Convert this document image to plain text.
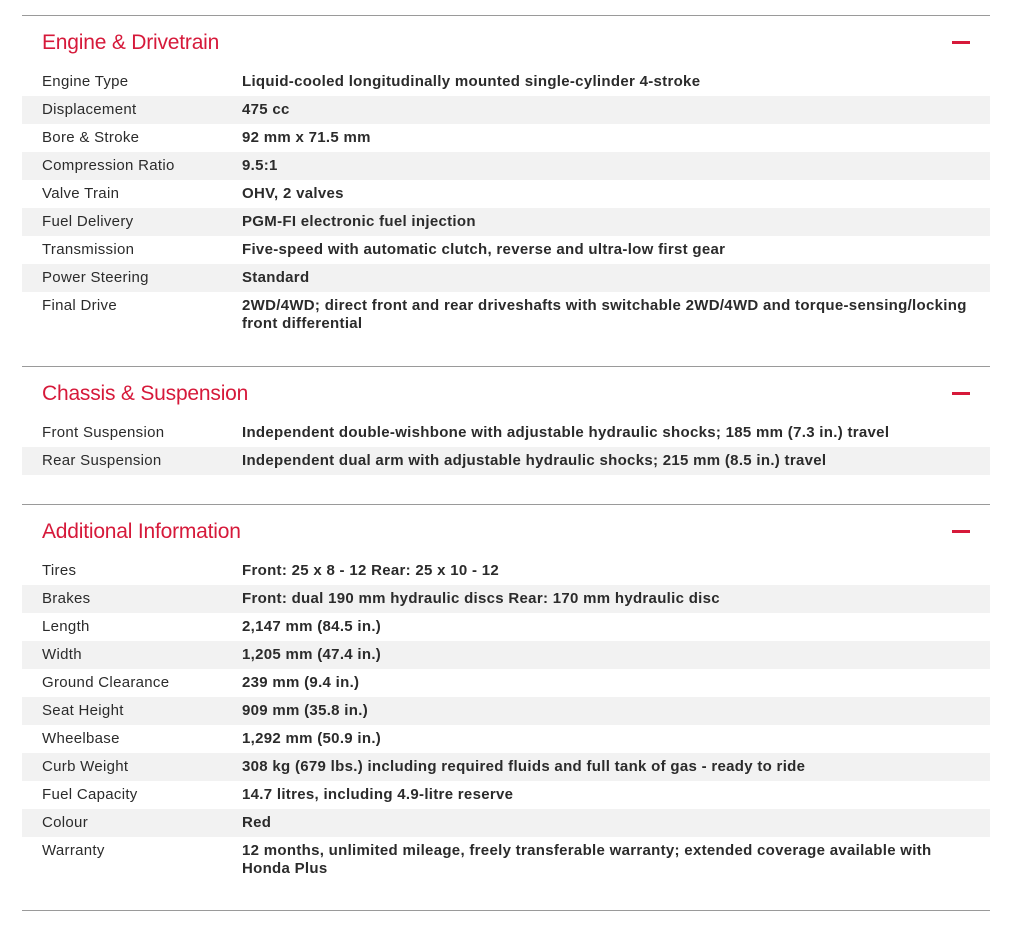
Engine & Drivetrain
Engine Type	Liquid-cooled longitudinally mounted single-cylinder 4-stroke
Displacement	475 cc
Bore & Stroke	92 mm x 71.5 mm
Compression Ratio	9.5:1
Valve Train	OHV, 2 valves
Fuel Delivery	PGM-FI electronic fuel injection
Transmission	Five-speed with automatic clutch, reverse and ultra-low first gear
Power Steering	Standard
Final Drive	2WD/4WD; direct front and rear driveshafts with switchable 2WD/4WD and torque-sensing/locking front differential
Chassis & Suspension
Front Suspension	Independent double-wishbone with adjustable hydraulic shocks; 185 mm (7.3 in.) travel
Rear Suspension	Independent dual arm with adjustable hydraulic shocks; 215 mm (8.5 in.) travel
Additional Information
Tires	Front: 25 x 8 - 12 Rear: 25 x 10 - 12
Brakes	Front: dual 190 mm hydraulic discs Rear: 170 mm hydraulic disc
Length	2,147 mm (84.5 in.)
Width	1,205 mm (47.4 in.)
Ground Clearance	239 mm (9.4 in.)
Seat Height	909 mm (35.8 in.)
Wheelbase	1,292 mm (50.9 in.)
Curb Weight	308 kg (679 lbs.) including required fluids and full tank of gas - ready to ride
Fuel Capacity	14.7 litres, including 4.9-litre reserve
Colour	Red
Warranty	12 months, unlimited mileage, freely transferable warranty; extended coverage available with Honda Plus
